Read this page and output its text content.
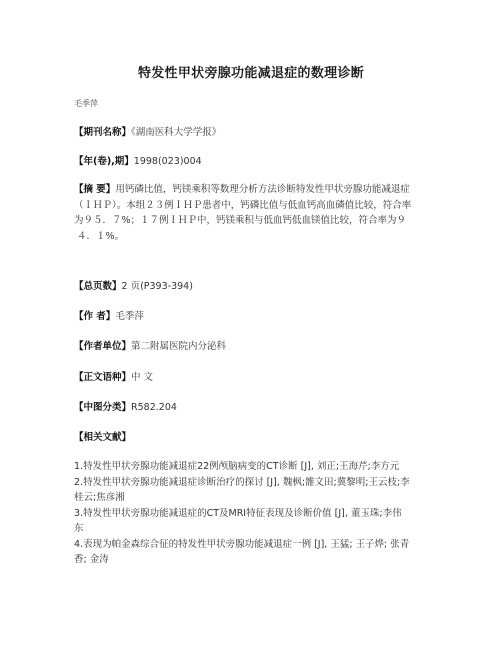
特发性甲状旁腺功能减退症的数理诊断
毛季萍
【期刊名称】《湖南医科大学学报》
【年(卷),期】1998(023)004
【摘 要】用钙磷比值，钙镁乘积等数理分析方法诊断特发性甲状旁腺功能减退症
（ＩＨＰ）。本组２３例ＩＨＰ患者中，钙磷比值与低血钙高血磷值比较，符合率
为９５．７%；１７例ＩＨＰ中，钙镁乘积与低血钙低血镁值比较，符合率为９
４．１%。
【总页数】2 页(P393-394)
【作 者】毛季萍
【作者单位】第二附属医院内分泌科
【正文语种】中 文
【中图分类】R582.204
【相关文献】
1.特发性甲状旁腺功能减退症22例颅脑病变的CT诊断 [J], 刘正;王海芹;李方元
2.特发性甲状旁腺功能减退症诊断治疗的探讨 [J], 魏枫;雒文田;冀黎明;王云枝;李
桂云;焦彦湘
3.特发性甲状旁腺功能减退症的CT及MRI特征表现及诊断价值 [J], 董玉珠;李伟
东
4.表现为帕金森综合征的特发性甲状旁腺功能减退症一例 [J], 王猛; 王子烨; 张青
香; 金涛
